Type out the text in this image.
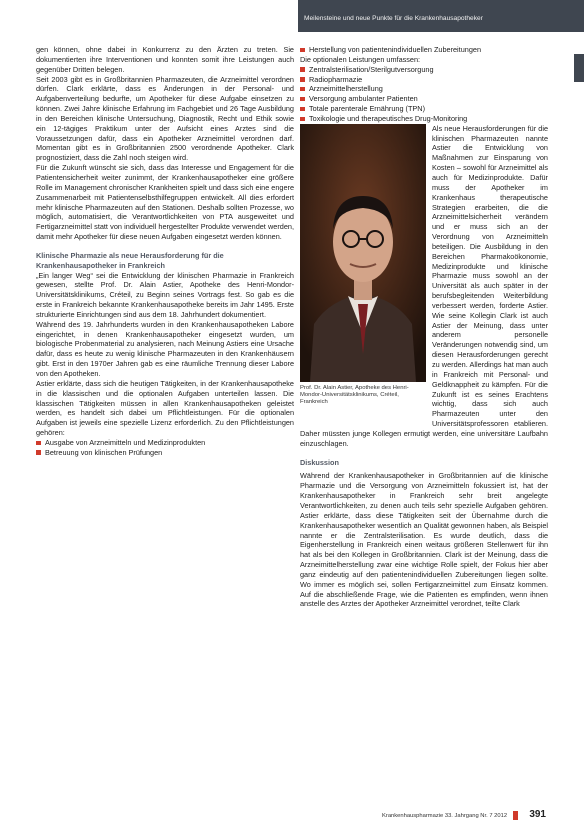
Meilensteine und neue Punkte für die Krankenhausapotheker

gen können, ohne dabei in Konkurrenz zu den Ärzten zu treten. Sie dokumentierten ihre Interventionen und konnten somit ihre Leistungen auch gegenüber Dritten belegen.

Seit 2003 gibt es in Großbritannien Pharmazeuten, die Arzneimittel verordnen dürfen. Clark erklärte, dass es Änderungen in der Personal- und Aufgabenverteilung bedurfte, um Apotheker für diese Aufgabe einsetzen zu können. Zwei Jahre klinische Erfahrung im Fachgebiet und 26 Tage Ausbildung in den Bereichen klinische Untersuchung, Diagnostik, Recht und Ethik sowie ein 12-tägiges Praktikum unter der Aufsicht eines Arztes sind die Voraussetzungen dafür, dass ein Apotheker Arzneimittel verordnen darf. Momentan gibt es in Großbritannien 2500 verordnende Apotheker. Clark prognostiziert, dass die Zahl noch steigen wird.

Für die Zukunft wünscht sie sich, dass das Interesse und Engagement für die Patientensicherheit weiter zunimmt, der Krankenhausapotheker eine größere Rolle im Management chronischer Krankheiten spielt und dass sich eine engere Zusammenarbeit mit Patientenselbsthilfegruppen entwickelt. All dies erfordert mehr klinische Pharmazeuten auf den Stationen. Deshalb sollten Prozesse, wo möglich, automatisiert, die Verantwortlichkeiten von PTA ausgeweitet und Fertigarzneimittel statt von individuell hergestellter Produkte verwendet werden, damit mehr Apotheker für diese neuen Aufgaben eingesetzt werden können.

Klinische Pharmazie als neue Herausforderung für die Krankenhausapotheker in Frankreich

„Ein langer Weg“ sei die Entwicklung der klinischen Pharmazie in Frankreich gewesen, stellte Prof. Dr. Alain Astier, Apotheke des Henri-Mondor-Universitätsklinikums, Créteil, zu Beginn seines Vortrags fest. So gab es die erste in Frankreich bekannte Krankenhausapotheke bereits im Jahr 1495. Erste strukturierte Einrichtungen sind aus dem 18. Jahrhundert dokumentiert.

Während des 19. Jahrhunderts wurden in den Krankenhausapotheken Labore eingerichtet, in denen Krankenhausapotheker eingesetzt wurden, um biologische Probenmaterial zu analysieren, nach Meinung Astiers eine Ursache dafür, dass es heute zu wenig klinische Pharmazeuten in den Krankenhäusern gibt. Erst in den 1970er Jahren gab es eine räumliche Trennung dieser Labore von den Apotheken.

Astier erklärte, dass sich die heutigen Tätigkeiten, in der Krankenhausapotheke in die klassischen und die optionalen Aufgaben unterteilen lassen. Die klassischen Tätigkeiten müssen in allen Krankenhausapotheken geleistet werden, es handelt sich dabei um Pflichtleistungen. Für die optionalen Aufgaben ist jeweils eine spezielle Lizenz erforderlich. Zu den Pflichtleistungen gehören:

Ausgabe von Arzneimitteln und Medizinprodukten
Betreuung von klinischen Prüfungen
Herstellung von patientenindividuellen Zubereitungen

Die optionalen Leistungen umfassen:

Zentralsterilisation/Sterilgutversorgung
Radiopharmazie
Arzneimittelherstellung
Versorgung ambulanter Patienten
Totale parenterale Ernährung (TPN)
Toxikologie und therapeutisches Drug-Monitoring
Prof. Dr. Alain Astier, Apotheke des Henri-Mondor-Universitätsklinikums, Créteil, Frankreich

Als neue Herausforderungen für die klinischen Pharmazeuten nannte Astier die Entwicklung von Maßnahmen zur Einsparung von Kosten – sowohl für Arzneimittel als auch für Medizinprodukte. Dafür muss der Apotheker im Krankenhaus therapeutische Strategien erarbeiten, die die Arzneimittelsicherheit verändern und er muss sich an der Verordnung von Arzneimitteln beteiligen. Die Ausbildung in den Bereichen Pharmakoökonomie, Medizinprodukte und klinische Pharmazie muss sowohl an der Universität als auch später in der berufsbegleitenden Weiterbildung verbessert werden, forderte Astier. Wie seine Kollegin Clark ist auch Astier der Meinung, dass unter anderem personelle Veränderungen notwendig sind, um diesen Herausforderungen gerecht zu werden. Allerdings hat man auch in Frankreich mit Personal- und Geldknappheit zu kämpfen. Für die Zukunft ist es seines Erachtens wichtig, dass sich auch Pharmazeuten unter den Universitätsprofessoren etablieren. Daher müssten junge Kollegen ermutigt werden, eine universitäre Laufbahn einzuschlagen.

Diskussion

Während der Krankenhausapotheker in Großbritannien auf die klinische Pharmazie und die Versorgung von Arzneimitteln fokussiert ist, hat der Krankenhausapotheker in Frankreich sehr breit angelegte Verantwortlichkeiten, zu denen auch teils sehr spezielle Aufgaben gehören. Astier erklärte, dass diese Tätigkeiten seit der Übernahme durch die Krankenhausapotheker wesentlich an Qualität gewonnen haben, als Beispiel nannte er die Zentralsterilisation. Es wurde deutlich, dass die Eigenherstellung in Frankreich einen weitaus größeren Stellenwert für ihn hat als bei den Kollegen in Großbritannien. Clark ist der Meinung, dass die Arzneimittelherstellung zwar eine wichtige Rolle spielt, der Fokus hier aber ganz eindeutig auf den patientenindividuellen Zubereitungen liegen sollte. Wo immer es möglich sei, sollen Fertigarzneimittel zum Einsatz kommen. Auf die abschließende Frage, wie die Patienten es empfinden, wenn ihnen anstelle des Arztes der Apotheker Arzneimittel verordnet, teilte Clark

Krankenhauspharmazie 33. Jahrgang Nr. 7 2012 391
